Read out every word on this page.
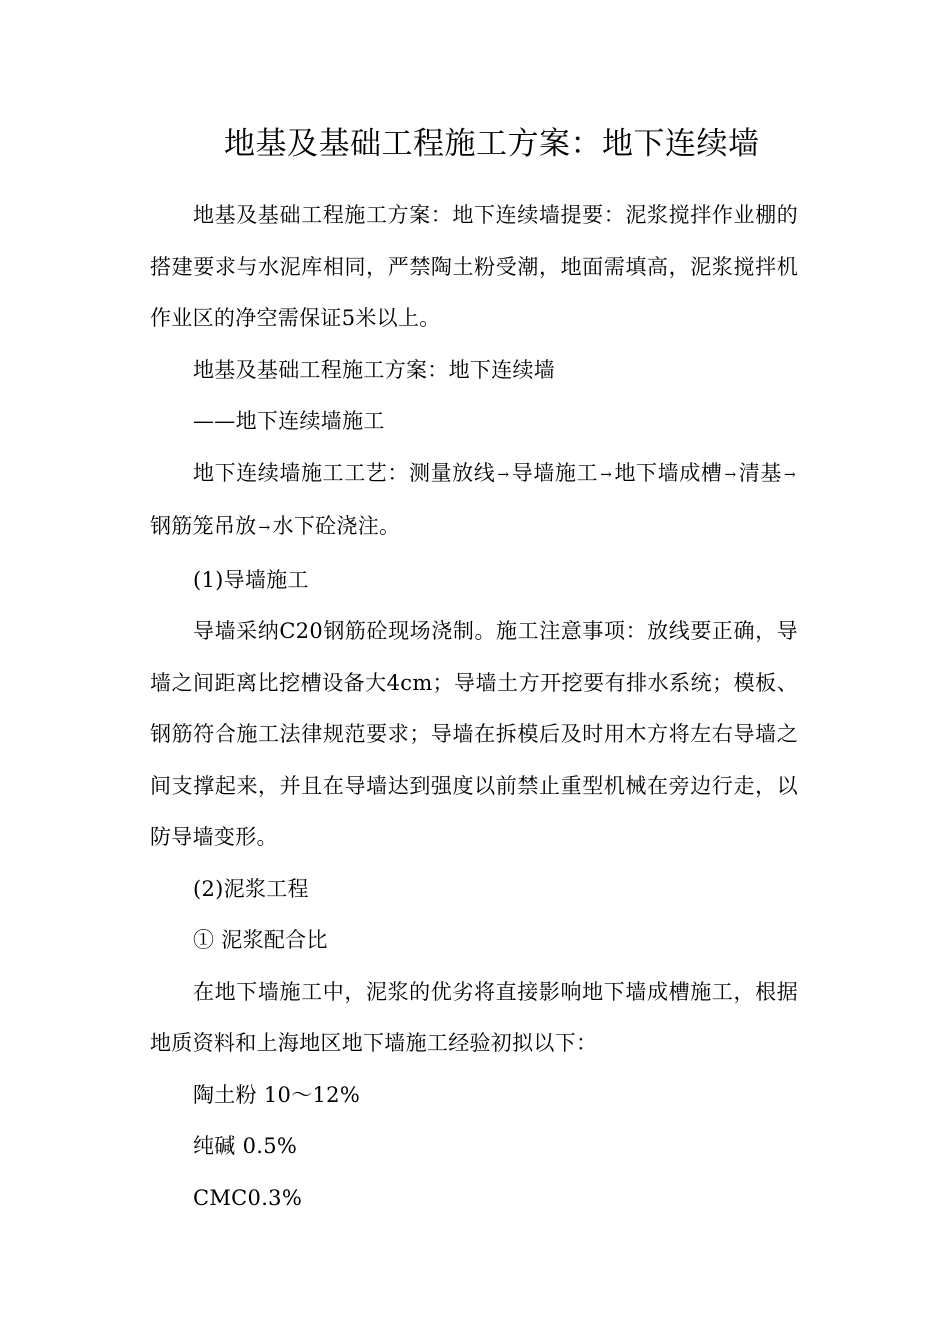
地基及基础工程施工方案：地下连续墙

地基及基础工程施工方案：地下连续墙提要：泥浆搅拌作业棚的搭建要求与水泥库相同，严禁陶土粉受潮，地面需填高，泥浆搅拌机作业区的净空需保证5米以上。

地基及基础工程施工方案：地下连续墙

——地下连续墙施工

地下连续墙施工工艺：测量放线 →导墙施工 →地下墙成槽 →清基 →钢筋笼吊放 →水下砼浇注。

(1)导墙施工

导墙采纳C20钢筋砼现场浇制。施工注意事项：放线要正确，导墙之间距离比挖槽设备大4cm；导墙土方开挖要有排水系统；模板、钢筋符合施工法律规范要求；导墙在拆模后及时用木方将左右导墙之间支撑起来，并且在导墙达到强度以前禁止重型机械在旁边行走，以防导墙变形。

(2)泥浆工程

① 泥浆配合比

在地下墙施工中，泥浆的优劣将直接影响地下墙成槽施工，根据地质资料和上海地区地下墙施工经验初拟以下：

陶土粉 10～12%

纯碱 0.5%

CMC0.3%
